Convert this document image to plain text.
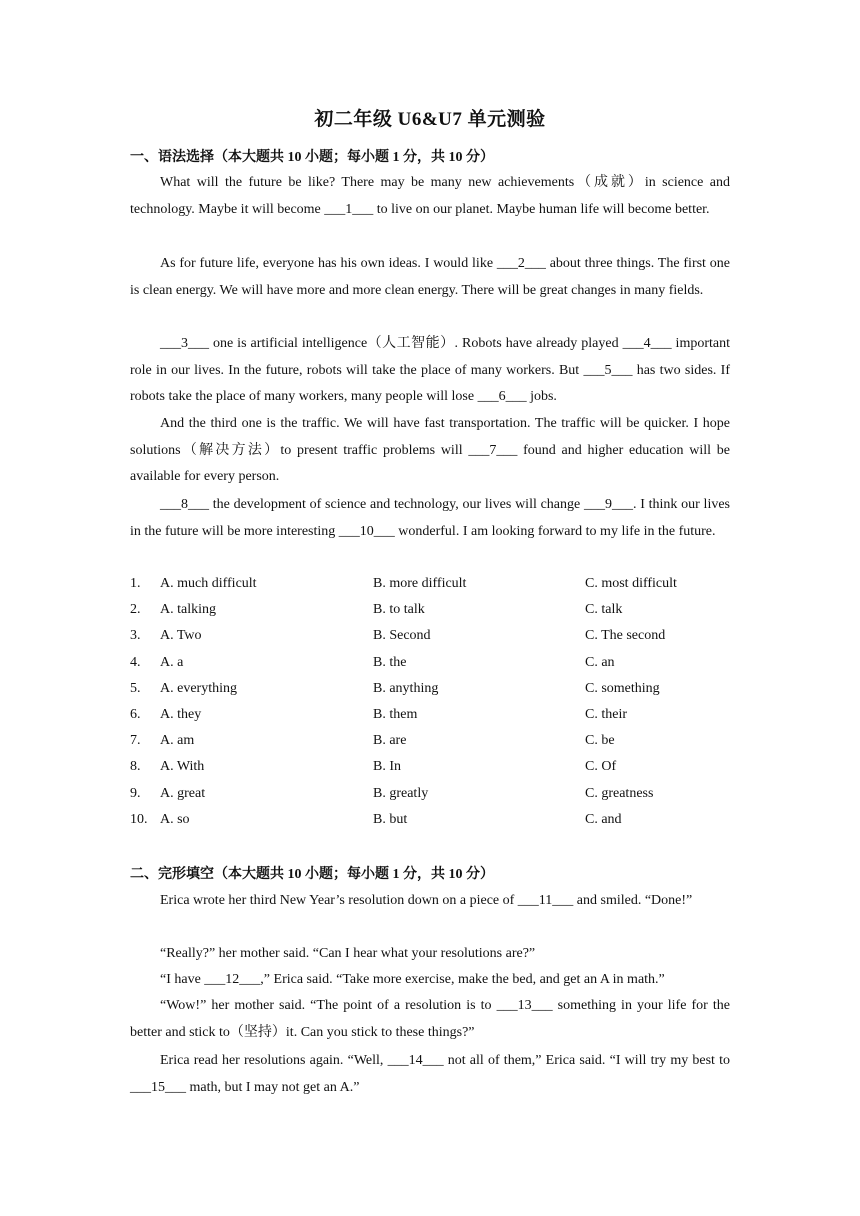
初二年级 U6&U7 单元测验
一、语法选择（本大题共 10 小题；每小题 1 分，共 10 分）

What will the future be like? There may be many new achievements（成就）in science and technology. Maybe it will become ___1___ to live on our planet. Maybe human life will become better.

As for future life, everyone has his own ideas. I would like ___2___ about three things. The first one is clean energy. We will have more and more clean energy. There will be great changes in many fields.

___3___ one is artificial intelligence（人工智能）. Robots have already played ___4___ important role in our lives. In the future, robots will take the place of many workers. But ___5___ has two sides. If robots take the place of many workers, many people will lose ___6___ jobs.

And the third one is the traffic. We will have fast transportation. The traffic will be quicker. I hope solutions（解决方法）to present traffic problems will ___7___ found and higher education will be available for every person.

___8___ the development of science and technology, our lives will change ___9___. I think our lives in the future will be more interesting ___10___ wonderful. I am looking forward to my life in the future.

1.	A. much difficult	B. more difficult	C. most difficult
2.	A. talking	B. to talk	C. talk
3.	A. Two	B. Second	C. The second
4.	A. a	B. the	C. an
5.	A. everything	B. anything	C. something
6.	A. they	B. them	C. their
7.	A. am	B. are	C. be
8.	A. With	B. In	C. Of
9.	A. great	B. greatly	C. greatness
10. A. so	B. but	C. and
二、完形填空（本大题共 10 小题；每小题 1 分，共 10 分）

Erica wrote her third New Year’s resolution down on a piece of ___11___ and smiled. “Done!”

“Really?” her mother said. “Can I hear what your resolutions are?”

“I have ___12___,” Erica said. “Take more exercise, make the bed, and get an A in math.”

“Wow!” her mother said. “The point of a resolution is to ___13___ something in your life for the better and stick to（坚持）it. Can you stick to these things?”

Erica read her resolutions again. “Well, ___14___ not all of them,” Erica said. “I will try my best to ___15___ math, but I may not get an A.”
